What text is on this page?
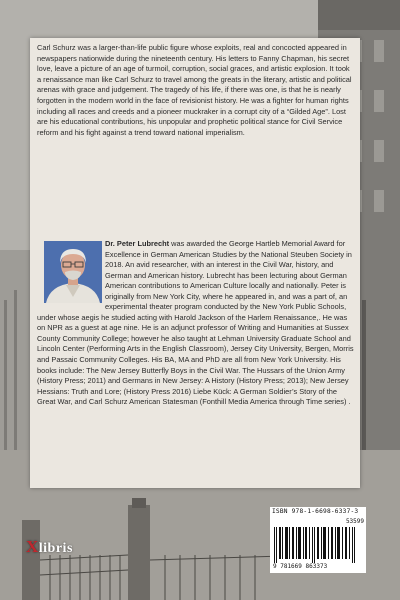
Carl Schurz was a larger-than-life public figure whose exploits, real and concocted appeared in newspapers nationwide during the nineteenth century. His letters to Fanny Chapman, his secret love, leave a picture of an age of turmoil, corruption, social graces, and artistic explosion. It took a renaissance man like Carl Schurz to travel among the greats in the literary, artistic and political arenas with grace and judgement. The tragedy of his life, if there was one, is that he is nearly forgotten in the modern world in the face of revisionist history. He was a fighter for human rights including all races and creeds and a pioneer muckraker in a corrupt city of a “Gilded Age”. Lost are his educational contributions, his unpopular and prophetic political stance for Civil Service reform and his fight against a trend toward national imperialism.

Dr. Peter Lubrecht was awarded the George Hartleb Memorial Award for Excellence in German American Studies by the National Steuben Society in 2018. An avid researcher, with an interest in the Civil War, history, and German and American history. Lubrecht has been lecturing about German American contributions to American Culture locally and nationally. Peter is originally from New York City, where he appeared in, and was a part of, an experimental theater program conducted by the New York Public Schools, under whose aegis he studied acting with Harold Jackson of the Harlem Renaissance,. He was on NPR as a guest at age nine. He is an adjunct professor of Writing and Humanities at Sussex County Community College; however he also taught at Lehman University Graduate School and Lincoln Center (Performing Arts in the English Classroom), Jersey City University, Bergen, Morris and Passaic Community Colleges. His BA, MA and PhD are all from New York University. His books include: The New Jersey Butterfly Boys in the Civil War. The Hussars of the Union Army (History Press; 2011) and Germans in New Jersey: A History (History Press; 2013); New Jersey Hessians: Truth and Lore; (History Press 2016) Liebe Kück: A German Soldier’s Story of the Great War, and Carl Schurz American Statesman (Fonthill Media America through Time series) .

ISBN 978-1-6698-6337-3
53599
9 781669 863373
Xlibris
